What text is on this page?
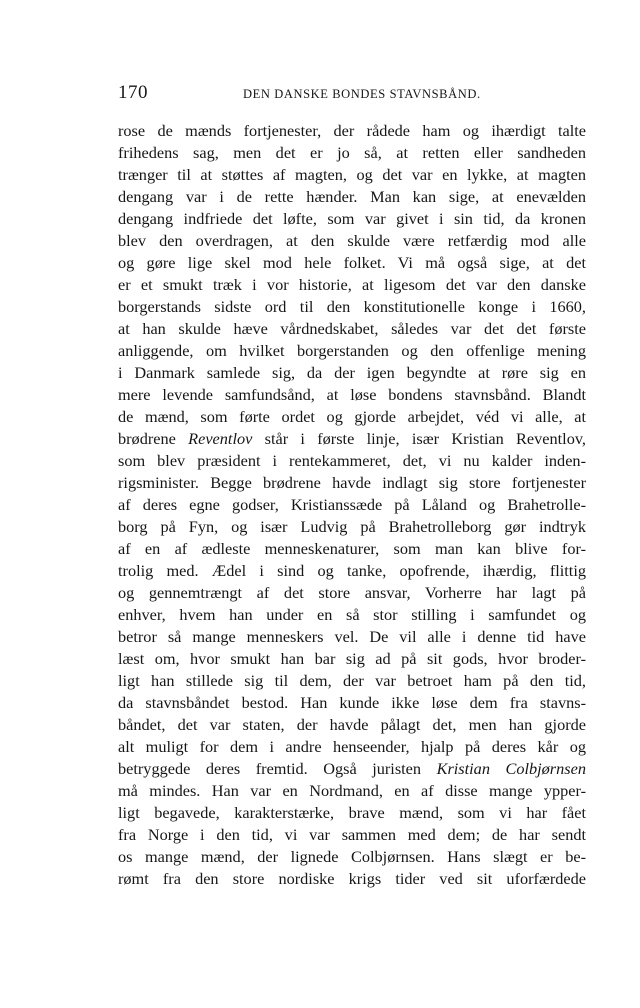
170	DEN DANSKE BONDES STAVNSBÅND.
rose de mænds fortjenester, der rådede ham og ihærdigt talte
frihedens sag, men det er jo så, at retten eller sandheden
trænger til at støttes af magten, og det var en lykke, at magten
dengang var i de rette hænder. Man kan sige, at enevælden
dengang indfriede det løfte, som var givet i sin tid, da kronen
blev den overdragen, at den skulde være retfærdig mod alle
og gøre lige skel mod hele folket. Vi må også sige, at det
er et smukt træk i vor historie, at ligesom det var den danske
borgerstands sidste ord til den konstitutionelle konge i 1660,
at han skulde hæve vårdnedskabet, således var det det første
anliggende, om hvilket borgerstanden og den offenlige mening
i Danmark samlede sig, da der igen begyndte at røre sig en
mere levende samfundsånd, at løse bondens stavnsbånd. Blandt
de mænd, som førte ordet og gjorde arbejdet, véd vi alle, at
brødrene Reventlov står i første linje, især Kristian Reventlov,
som blev præsident i rentekammeret, det, vi nu kalder inden-
rigsminister. Begge brødrene havde indlagt sig store fortjenester
af deres egne godser, Kristianssæde på Låland og Brahetrolle-
borg på Fyn, og især Ludvig på Brahetrolleborg gør indtryk
af en af ædleste menneskenaturer, som man kan blive for-
trolig med. Ædel i sind og tanke, opofrende, ihærdig, flittig
og gennemtrængt af det store ansvar, Vorherre har lagt på
enhver, hvem han under en så stor stilling i samfundet og
betror så mange menneskers vel. De vil alle i denne tid have
læst om, hvor smukt han bar sig ad på sit gods, hvor broder-
ligt han stillede sig til dem, der var betroet ham på den tid,
da stavnsbåndet bestod. Han kunde ikke løse dem fra stavns-
båndet, det var staten, der havde pålagt det, men han gjorde
alt muligt for dem i andre henseender, hjalp på deres kår og
betryggede deres fremtid. Også juristen Kristian Colbjørnsen
må mindes. Han var en Nordmand, en af disse mange ypper-
ligt begavede, karakterstærke, brave mænd, som vi har fået
fra Norge i den tid, vi var sammen med dem; de har sendt
os mange mænd, der lignede Colbjørnsen. Hans slægt er be-
rømt fra den store nordiske krigs tider ved sit uforfærdede
